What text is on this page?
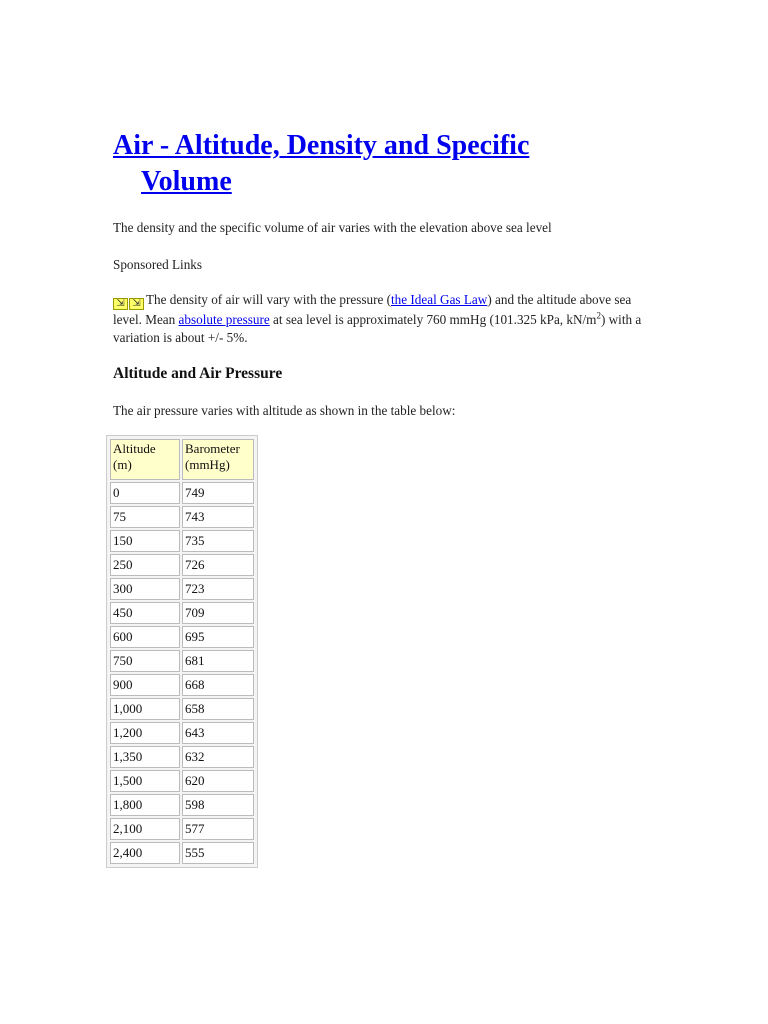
Air - Altitude, Density and Specific
Volume

The density and the specific volume of air varies with the elevation above sea level

Sponsored Links

⇲ ⇲ The density of air will vary with the pressure (the Ideal Gas Law) and the altitude above sea level. Mean absolute pressure at sea level is approximately 760 mmHg (101.325 kPa, $kN/m^2$) with a variation is about +/- 5%.

Altitude and Air Pressure

The air pressure varies with altitude as shown in the table below:

Altitude (m)	Barometer (mmHg)
0	749
75	743
150	735
250	726
300	723
450	709
600	695
750	681
900	668
1,000	658
1,200	643
1,350	632
1,500	620
1,800	598
2,100	577
2,400	555
